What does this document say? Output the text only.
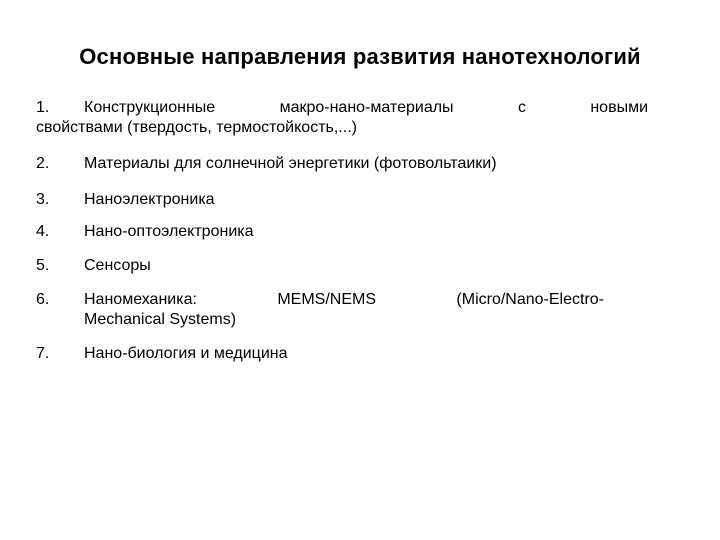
Основные направления развития нанотехнологий
1. Конструкционные	макро-нано-материалы	с	новыми
свойствами (твердость, термостойкость,...)
2.	Материалы для солнечной энергетики (фотовольтаики)
3.	Наноэлектроника
4.	Нано-оптоэлектроника
5.	Сенсоры
6. Наномеханика:	MEMS/NEMS	(Micro/Nano-Electro-
Mechanical Systems)
7.	Нано-биология и медицина
